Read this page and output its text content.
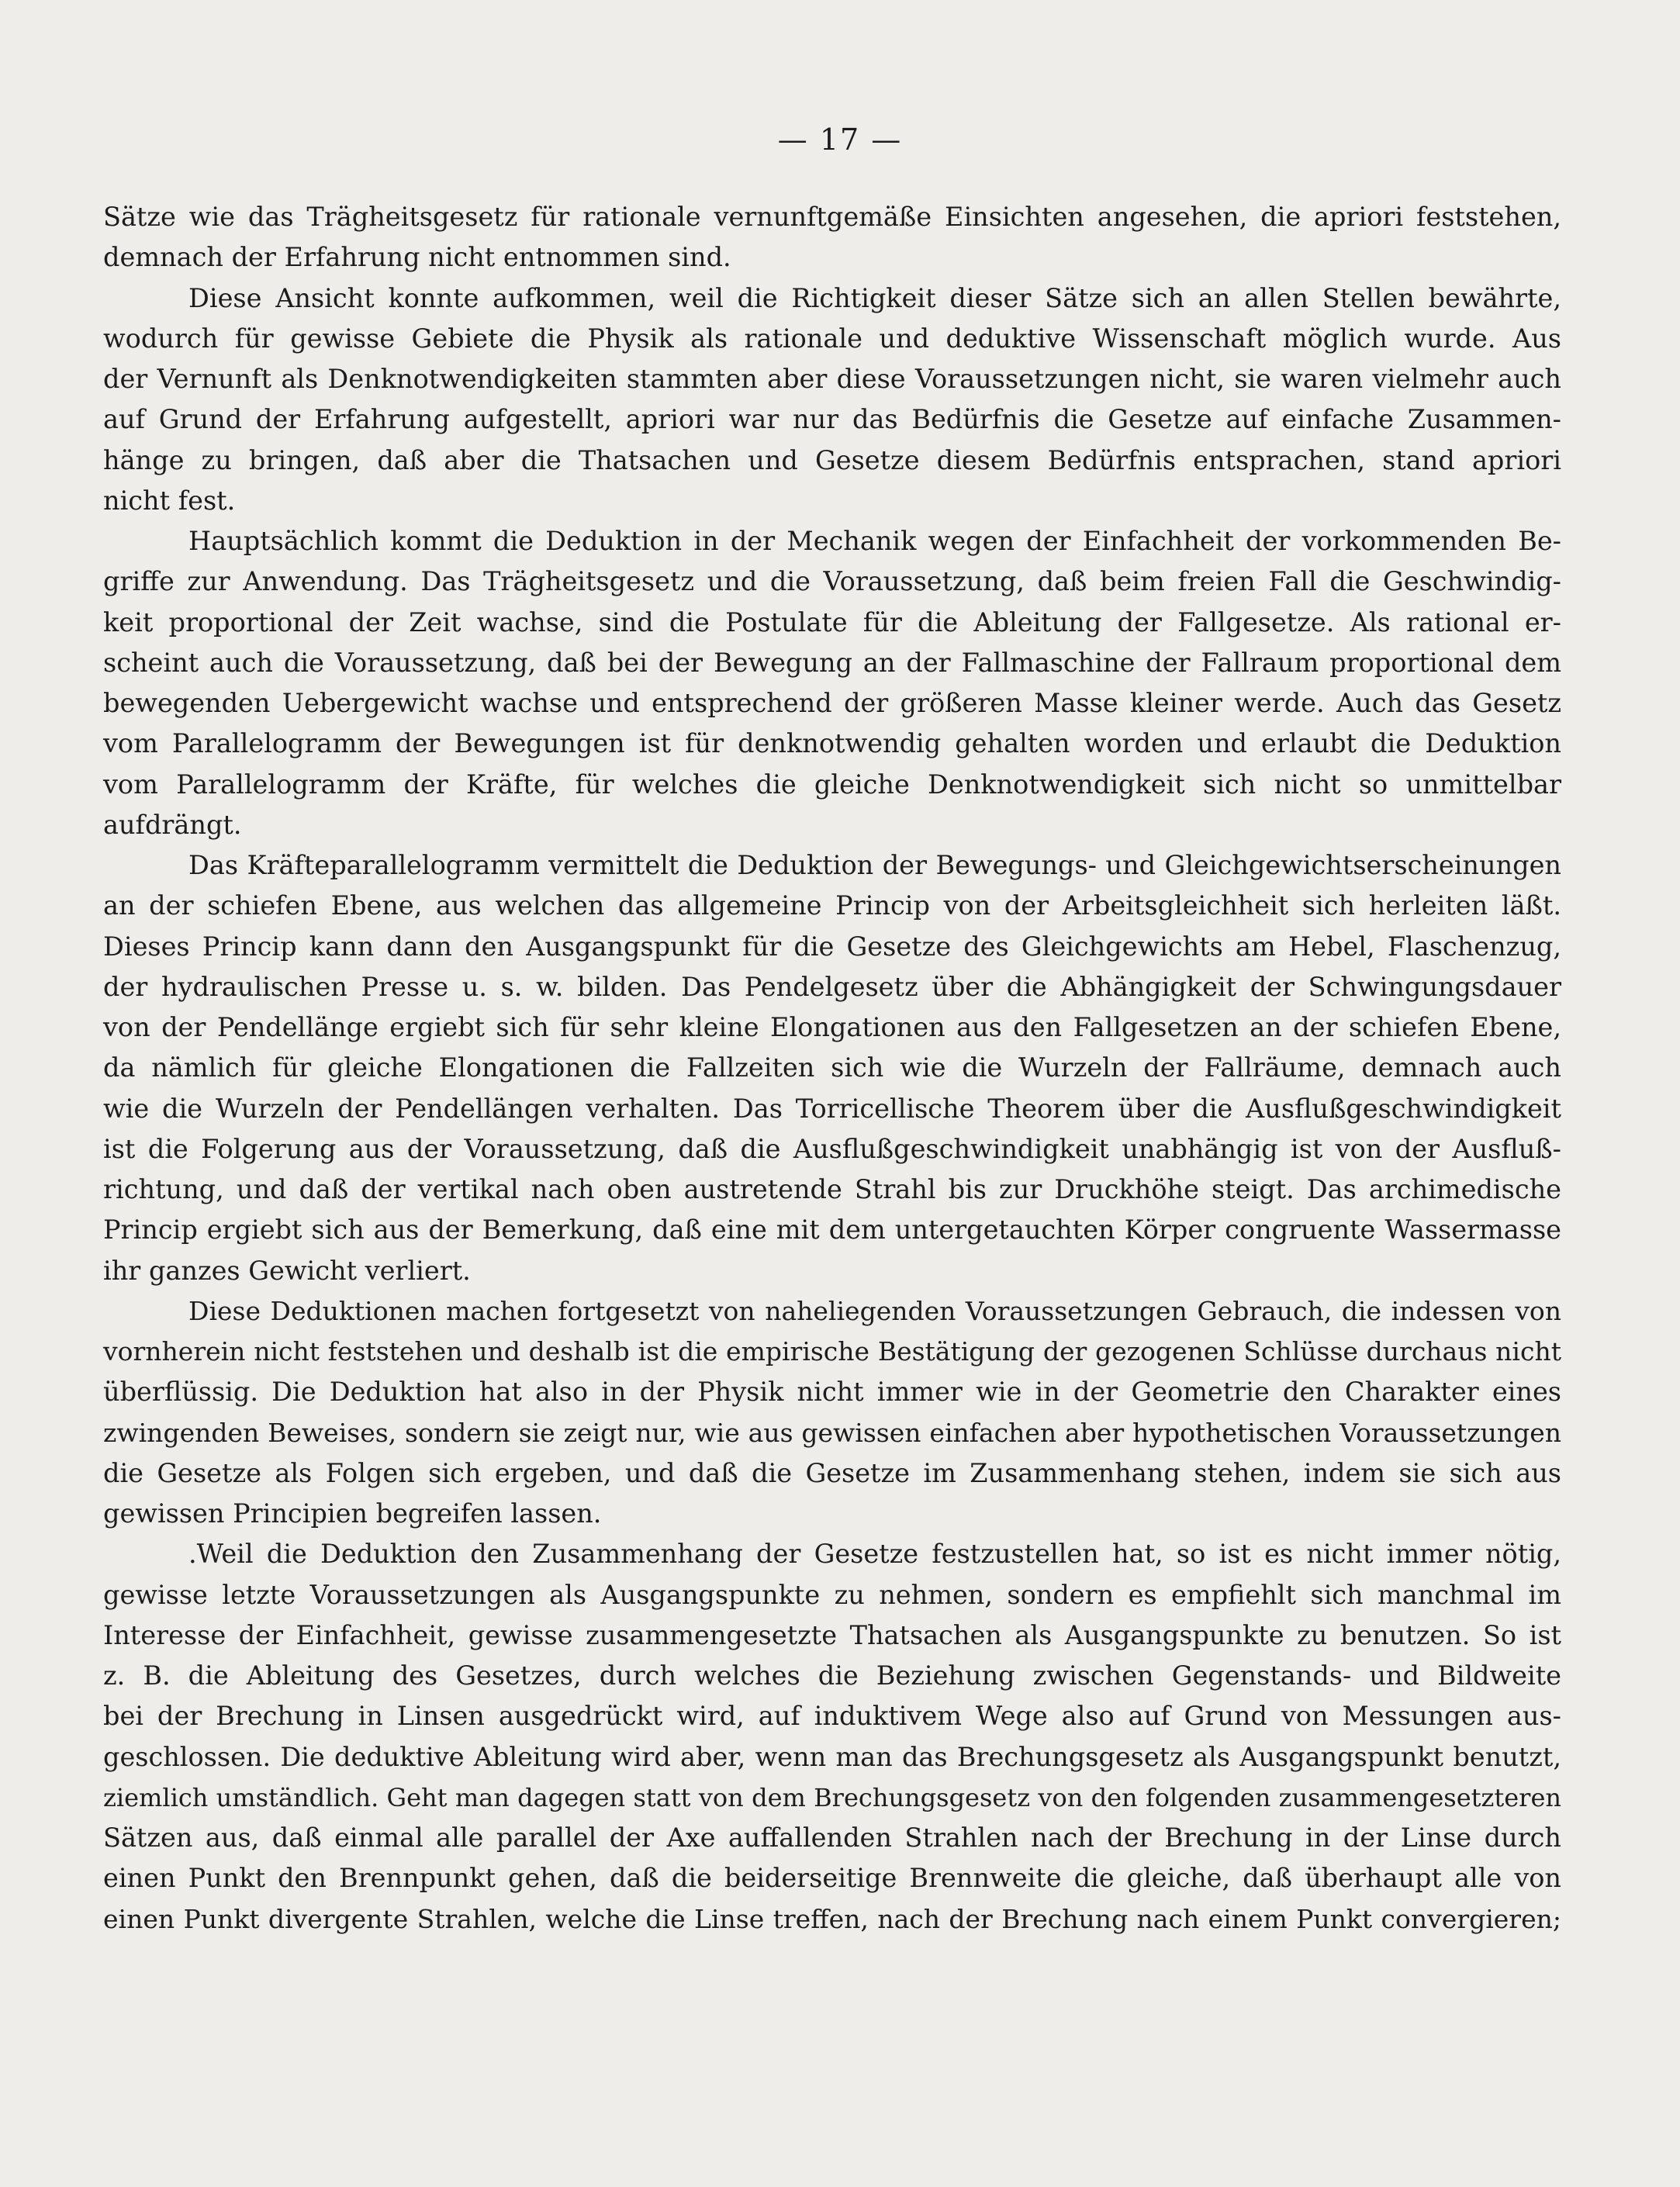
— 17 —
Sätze wie das Trägheitsgesetz für rationale vernunftgemäße Einsichten angesehen, die apriori feststehen,
demnach der Erfahrung nicht entnommen sind.
Diese Ansicht konnte aufkommen, weil die Richtigkeit dieser Sätze sich an allen Stellen bewährte,
wodurch für gewisse Gebiete die Physik als rationale und deduktive Wissenschaft möglich wurde. Aus
der Vernunft als Denknotwendigkeiten stammten aber diese Voraussetzungen nicht, sie waren vielmehr auch
auf Grund der Erfahrung aufgestellt, apriori war nur das Bedürfnis die Gesetze auf einfache Zusammen-
hänge zu bringen, daß aber die Thatsachen und Gesetze diesem Bedürfnis entsprachen, stand apriori
nicht fest.
Hauptsächlich kommt die Deduktion in der Mechanik wegen der Einfachheit der vorkommenden Be-
griffe zur Anwendung. Das Trägheitsgesetz und die Voraussetzung, daß beim freien Fall die Geschwindig-
keit proportional der Zeit wachse, sind die Postulate für die Ableitung der Fallgesetze. Als rational er-
scheint auch die Voraussetzung, daß bei der Bewegung an der Fallmaschine der Fallraum proportional dem
bewegenden Uebergewicht wachse und entsprechend der größeren Masse kleiner werde. Auch das Gesetz
vom Parallelogramm der Bewegungen ist für denknotwendig gehalten worden und erlaubt die Deduktion
vom Parallelogramm der Kräfte, für welches die gleiche Denknotwendigkeit sich nicht so unmittelbar
aufdrängt.
Das Kräfteparallelogramm vermittelt die Deduktion der Bewegungs- und Gleichgewichtserscheinungen
an der schiefen Ebene, aus welchen das allgemeine Princip von der Arbeitsgleichheit sich herleiten läßt.
Dieses Princip kann dann den Ausgangspunkt für die Gesetze des Gleichgewichts am Hebel, Flaschenzug,
der hydraulischen Presse u. s. w. bilden. Das Pendelgesetz über die Abhängigkeit der Schwingungsdauer
von der Pendellänge ergiebt sich für sehr kleine Elongationen aus den Fallgesetzen an der schiefen Ebene,
da nämlich für gleiche Elongationen die Fallzeiten sich wie die Wurzeln der Fallräume, demnach auch
wie die Wurzeln der Pendellängen verhalten. Das Torricellische Theorem über die Ausflußgeschwindigkeit
ist die Folgerung aus der Voraussetzung, daß die Ausflußgeschwindigkeit unabhängig ist von der Ausfluß-
richtung, und daß der vertikal nach oben austretende Strahl bis zur Druckhöhe steigt. Das archimedische
Princip ergiebt sich aus der Bemerkung, daß eine mit dem untergetauchten Körper congruente Wassermasse
ihr ganzes Gewicht verliert.
Diese Deduktionen machen fortgesetzt von naheliegenden Voraussetzungen Gebrauch, die indessen von
vornherein nicht feststehen und deshalb ist die empirische Bestätigung der gezogenen Schlüsse durchaus nicht
überflüssig. Die Deduktion hat also in der Physik nicht immer wie in der Geometrie den Charakter eines
zwingenden Beweises, sondern sie zeigt nur, wie aus gewissen einfachen aber hypothetischen Voraussetzungen
die Gesetze als Folgen sich ergeben, und daß die Gesetze im Zusammenhang stehen, indem sie sich aus
gewissen Principien begreifen lassen.
.Weil die Deduktion den Zusammenhang der Gesetze festzustellen hat, so ist es nicht immer nötig,
gewisse letzte Voraussetzungen als Ausgangspunkte zu nehmen, sondern es empfiehlt sich manchmal im
Interesse der Einfachheit, gewisse zusammengesetzte Thatsachen als Ausgangspunkte zu benutzen. So ist
z. B. die Ableitung des Gesetzes, durch welches die Beziehung zwischen Gegenstands- und Bildweite
bei der Brechung in Linsen ausgedrückt wird, auf induktivem Wege also auf Grund von Messungen aus-
geschlossen. Die deduktive Ableitung wird aber, wenn man das Brechungsgesetz als Ausgangspunkt benutzt,
ziemlich umständlich. Geht man dagegen statt von dem Brechungsgesetz von den folgenden zusammengesetzteren
Sätzen aus, daß einmal alle parallel der Axe auffallenden Strahlen nach der Brechung in der Linse durch
einen Punkt den Brennpunkt gehen, daß die beiderseitige Brennweite die gleiche, daß überhaupt alle von
einen Punkt divergente Strahlen, welche die Linse treffen, nach der Brechung nach einem Punkt convergieren;
